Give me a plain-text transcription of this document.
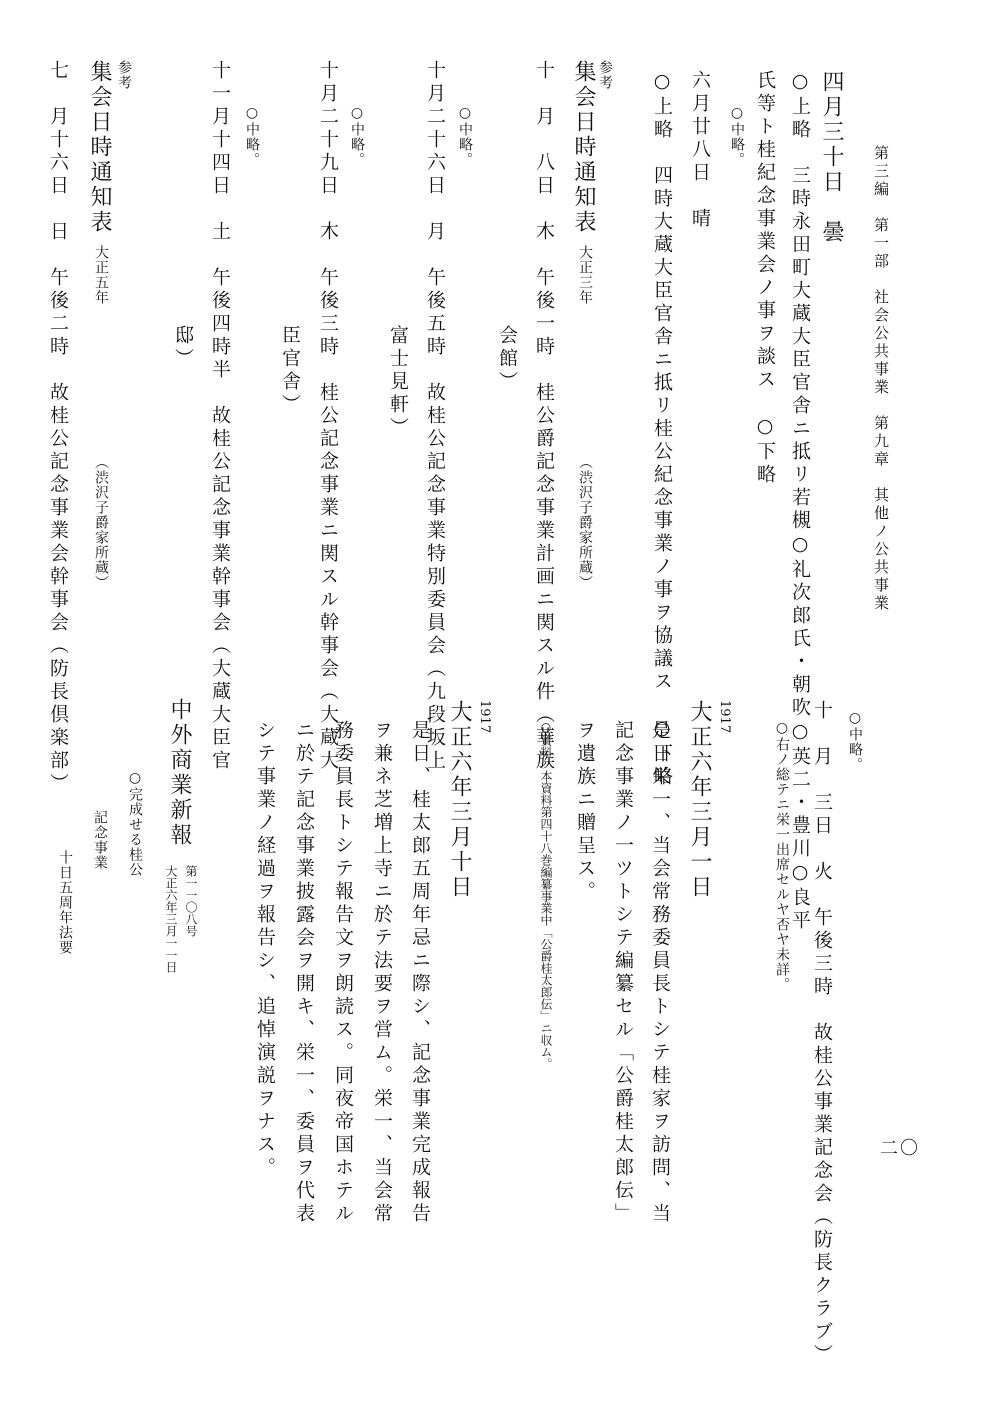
第三編　第一部　社会公共事業　第九章　其他ノ公共事業
二〇
四月三十日　曇
○上略　三時永田町大蔵大臣官舎ニ抵リ若槻○礼次郎氏・朝吹○英二・豊川○良平
氏等ト桂紀念事業会ノ事ヲ談ス　○下略
○中略。
六月廿八日　晴
○上略　四時大蔵大臣官舎ニ抵リ桂公紀念事業ノ事ヲ協議ス　○下略
参考
集会日時通知表
大正三年
（渋沢子爵家所蔵）
十　月　八日　木　午後一時　桂公爵記念事業計画ニ関スル件（華族
会館）
○中略。
十月二十六日　月　午後五時　故桂公記念事業特別委員会（九段坂上
富士見軒）
○中略。
十月二十九日　木　午後三時　桂公記念事業ニ関スル幹事会（大蔵大
臣官舎）
○中略。
十一月十四日　土　午後四時半　故桂公記念事業幹事会（大蔵大臣官
邸）
参考
集会日時通知表
大正五年
（渋沢子爵家所蔵）
七　月十六日　日　午後二時　故桂公記念事業会幹事会（防長倶楽部）	○中略。
十　月　三日　火　午後三時　故桂公事業記念会（防長クラブ）
○右ノ総テニ栄一出席セルヤ否ヤ未詳。
1917
大正六年三月一日
是日栄一、当会常務委員長トシテ桂家ヲ訪問、当
記念事業ノ一ツトシテ編纂セル「公爵桂太郎伝」
ヲ遺族ニ贈呈ス。
○資料ハ本資料第四十八巻編纂事業中「公爵桂太郎伝」ニ収ム。
1917
大正六年三月十日
是日、桂太郎五周年忌ニ際シ、記念事業完成報告
ヲ兼ネ芝増上寺ニ於テ法要ヲ営ム。栄一、当会常
務委員長トシテ報告文ヲ朗読ス。同夜帝国ホテル
ニ於テ記念事業披露会ヲ開キ、栄一、委員ヲ代表
シテ事業ノ経過ヲ報告シ、追悼演説ヲナス。
中外商業新報
第一一〇八号
大正六年三月一一日
○完成せる桂公
記念事業
十日五周年法要
